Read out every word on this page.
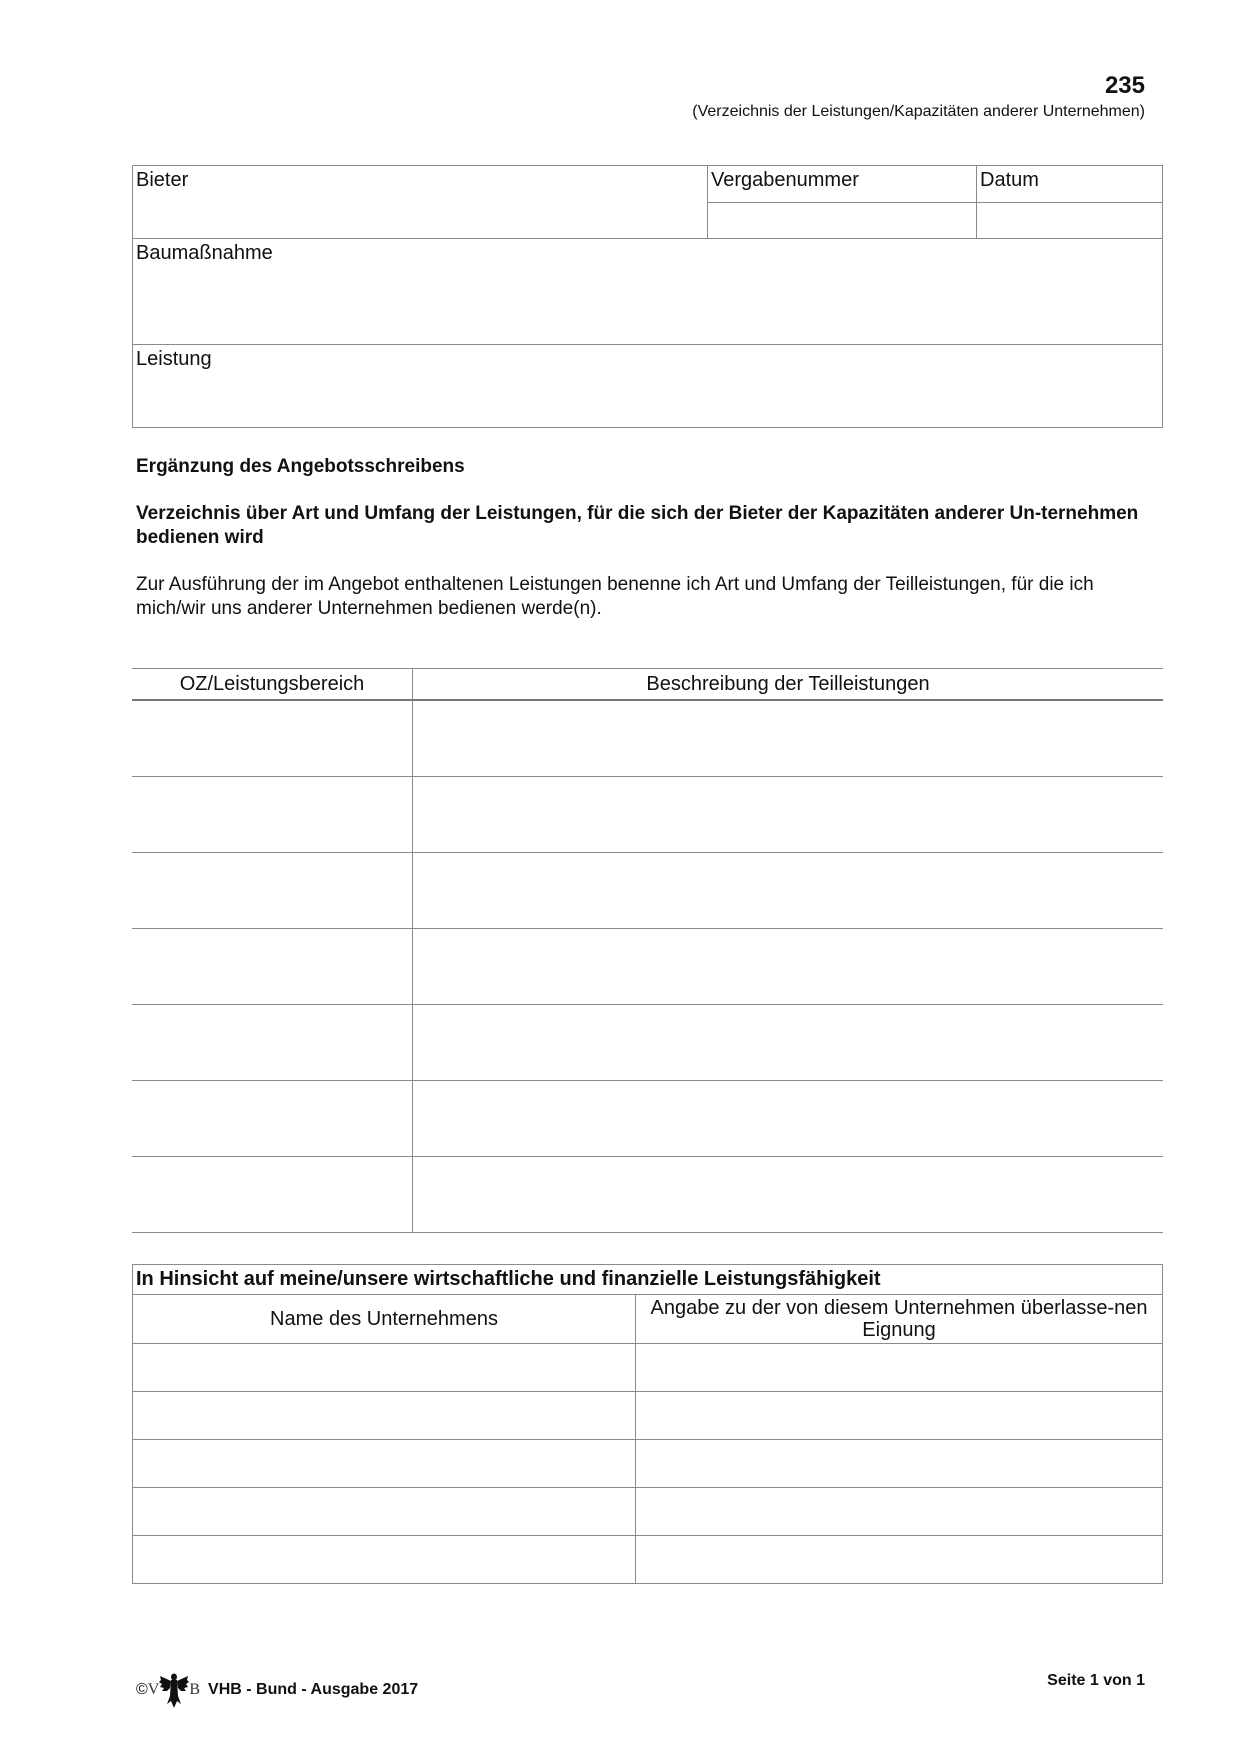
235
(Verzeichnis der Leistungen/Kapazitäten anderer Unternehmen)
Bieter	Vergabenummer	Datum

Baumaßnahme		
Leistung		
Ergänzung des Angebotsschreibens
Verzeichnis über Art und Umfang der Leistungen, für die sich der Bieter der Kapazitäten anderer Un-ternehmen bedienen wird
Zur Ausführung der im Angebot enthaltenen Leistungen benenne ich Art und Umfang der Teilleistungen, für die ich mich/wir uns anderer Unternehmen bedienen werde(n).
OZ/Leistungsbereich	Beschreibung der Teilleistungen

In Hinsicht auf meine/unsere wirtschaftliche und finanzielle Leistungsfähigkeit	
Name des Unternehmens	Angabe zu der von diesem Unternehmen überlasse-nen Eignung

© V B VHB - Bund - Ausgabe 2017
Seite 1 von 1
